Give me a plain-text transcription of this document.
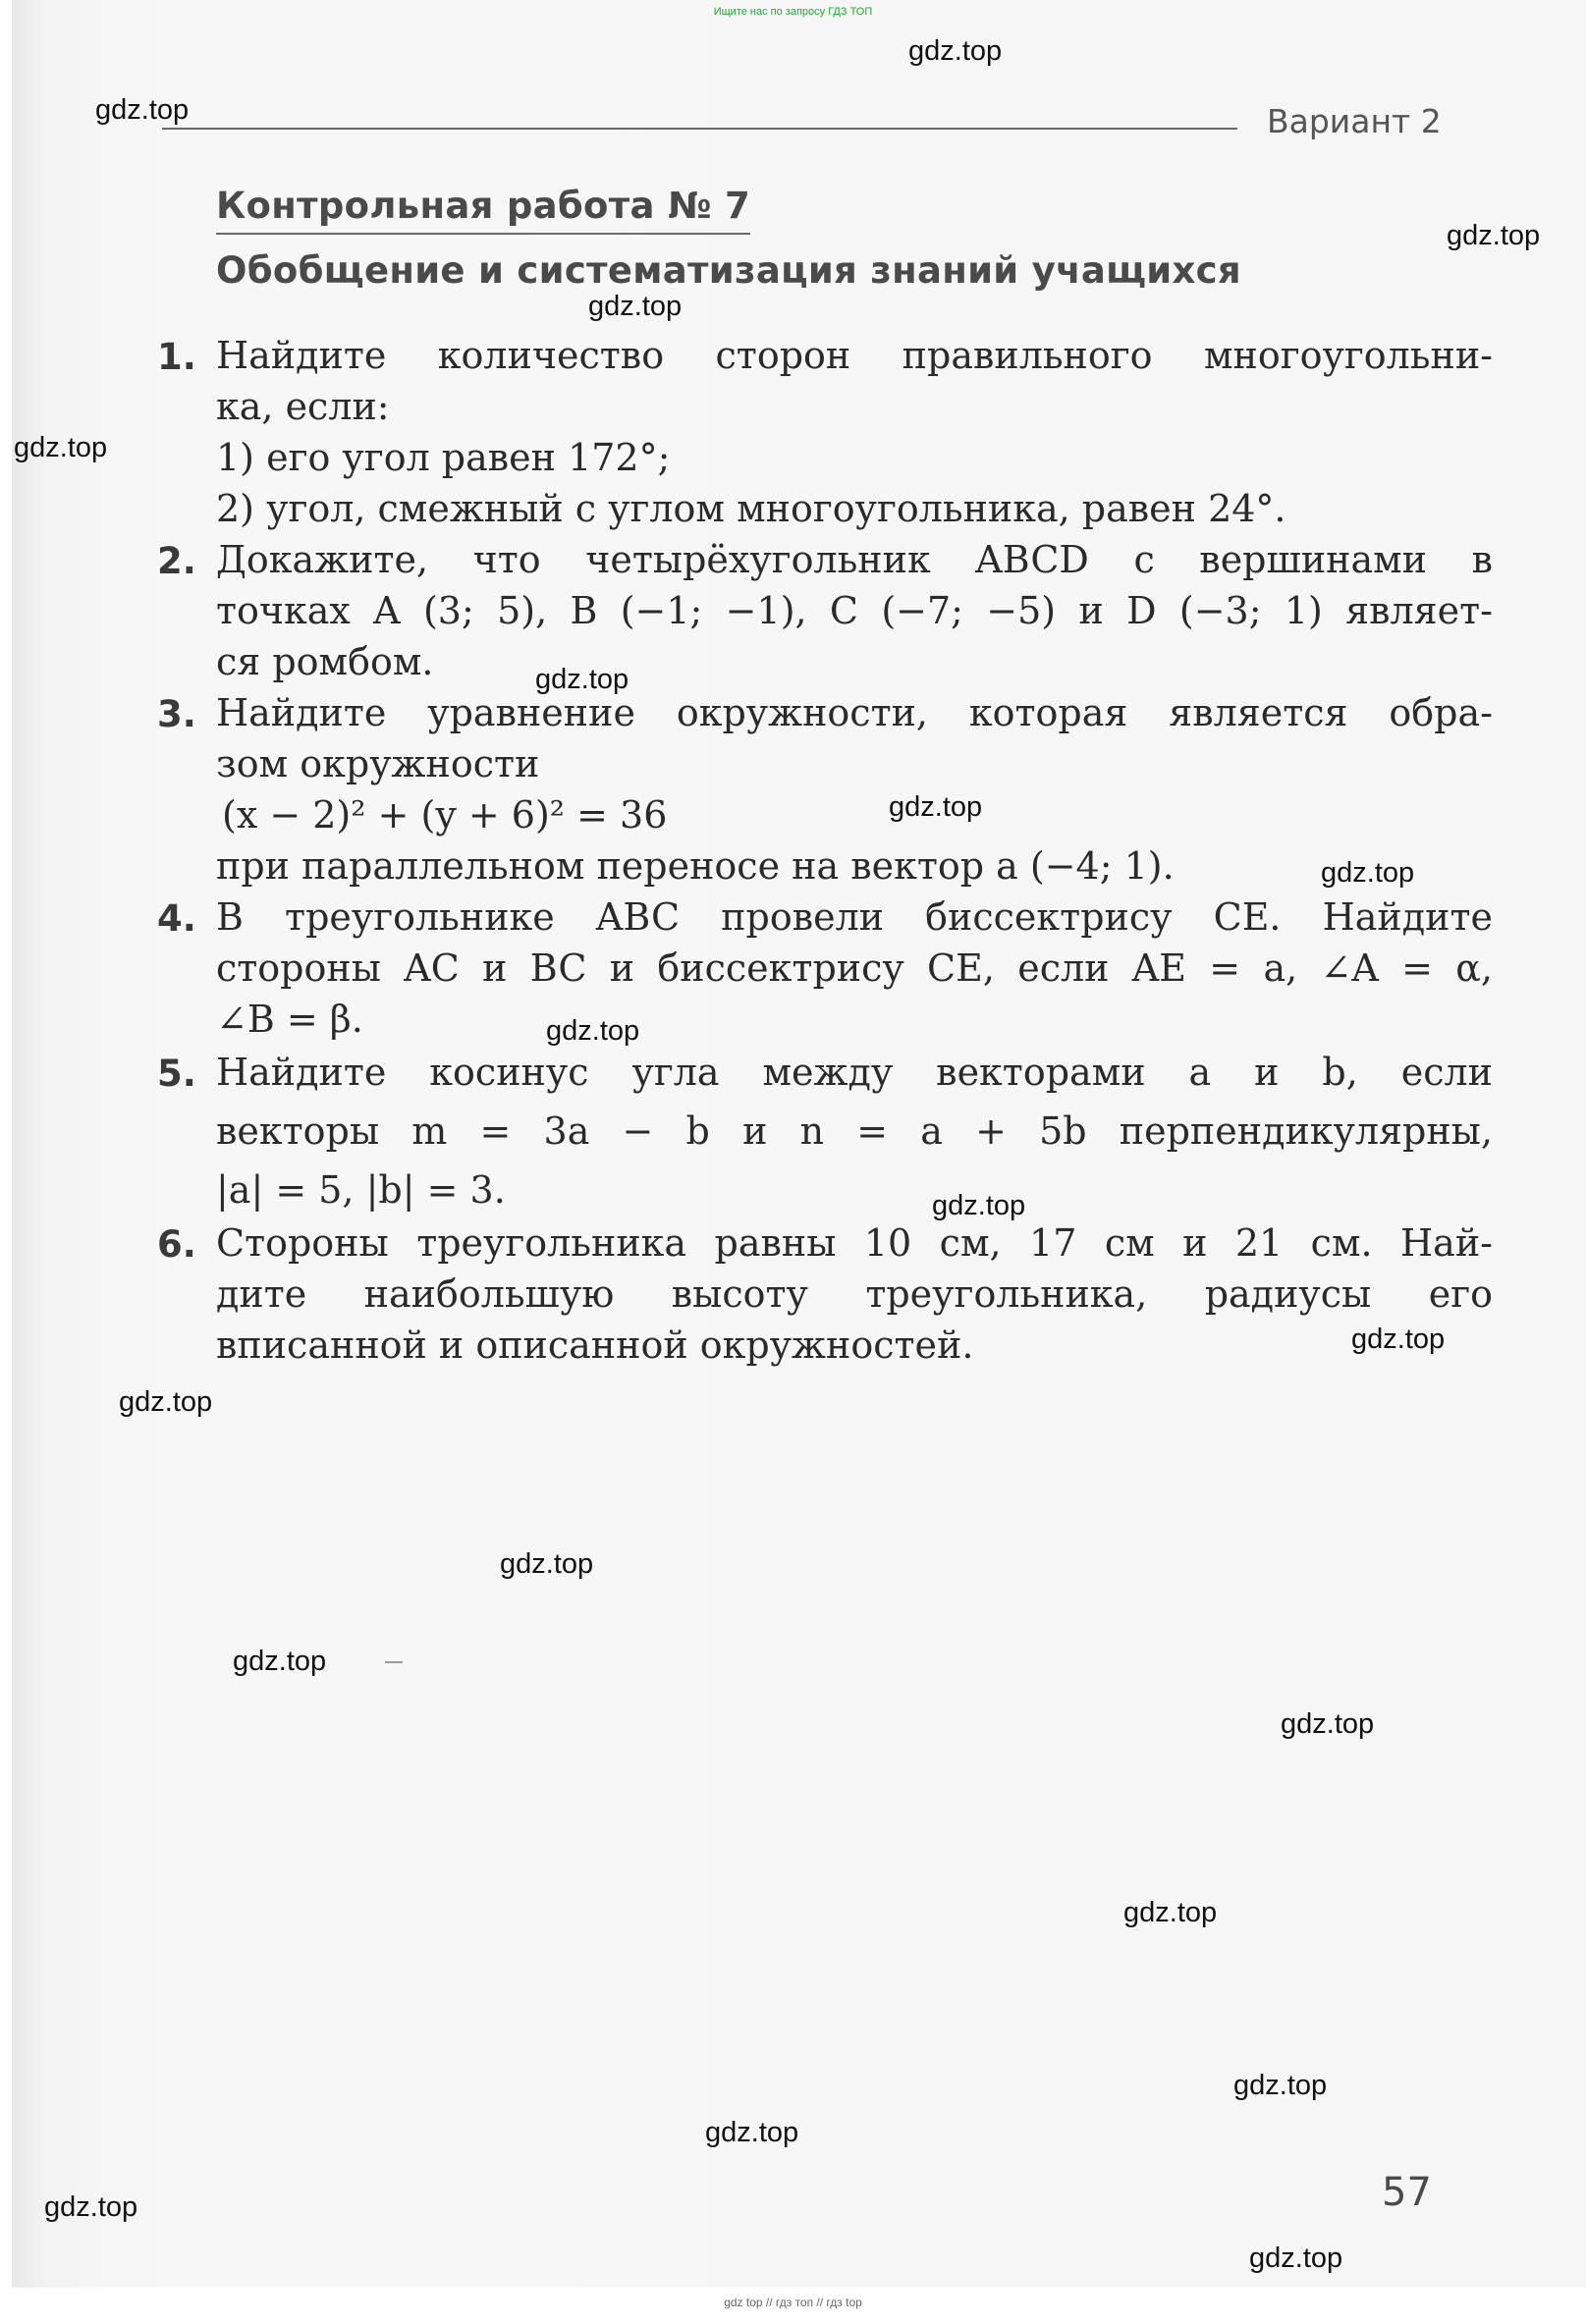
Ищите нас по запросу ГДЗ ТОП
Вариант 2
Контрольная работа № 7
Обобщение и систематизация знаний учащихся
1. Найдите количество сторон правильного многоугольни-
ка, если:
1) его угол равен 172°;
2) угол, смежный с углом многоугольника, равен 24°.
2. Докажите, что четырёхугольник ABCD с вершинами в
точках A (3; 5), B (−1; −1), C (−7; −5) и D (−3; 1) являет-
ся ромбом.
3. Найдите уравнение окружности, которая является обра-
зом окружности
(x − 2)² + (y + 6)² = 36
при параллельном переносе на вектор a (−4; 1).
4. В треугольнике ABC провели биссектрису CE. Найдите
стороны AC и BC и биссектрису CE, если AE = a, ∠A = α,
∠B = β.
5. Найдите косинус угла между векторами a и b, если
векторы m = 3a − b и n = a + 5b перпендикулярны,
|a| = 5, |b| = 3.
6. Стороны треугольника равны 10 см, 17 см и 21 см. Най-
дите наибольшую высоту треугольника, радиусы его
вписанной и описанной окружностей.
gdz.top
gdz.top
gdz.top
gdz.top
gdz.top
gdz.top
gdz.top
gdz.top
gdz.top
gdz.top
gdz.top
gdz.top
gdz.top
gdz.top
gdz.top
gdz.top
gdz.top
gdz.top
gdz.top
gdz.top
57
gdz top // гдз топ // гдз top
